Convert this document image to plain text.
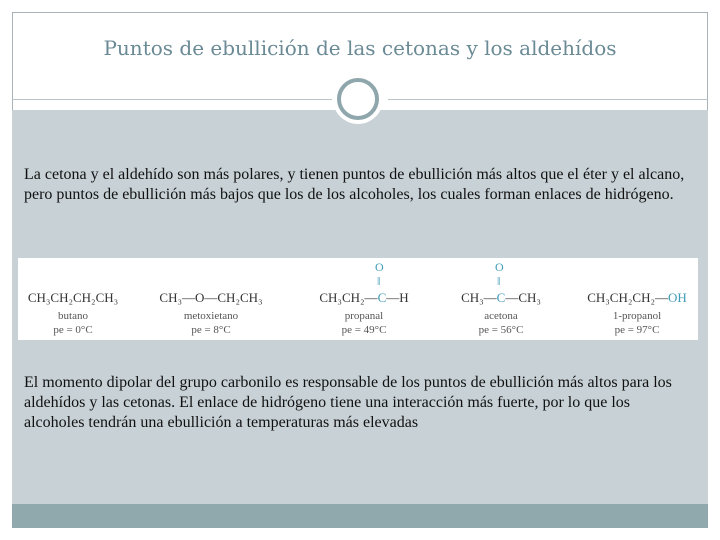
Puntos de ebullición de las cetonas y los aldehídos
La cetona y el aldehído son más polares, y tienen puntos de ebullición más altos que el éter y el alcano, pero puntos de ebullición más bajos que los de los alcoholes, los cuales forman enlaces de hidrógeno.
CH₃CH₂CH₂CH₃
butano
pe = 0°C
CH₃—O—CH₂CH₃
metoxietano
pe = 8°C
O
‖
CH₃CH₂—C—H
propanal
pe = 49°C
O
‖
CH₃—C—CH₃
acetona
pe = 56°C
CH₃CH₂CH₂—OH
1-propanol
pe = 97°C
El momento dipolar del grupo carbonilo es responsable de los puntos de ebullición más altos para los aldehídos y las cetonas. El enlace de hidrógeno tiene una interacción más fuerte, por lo que los alcoholes tendrán una ebullición a temperaturas más elevadas
